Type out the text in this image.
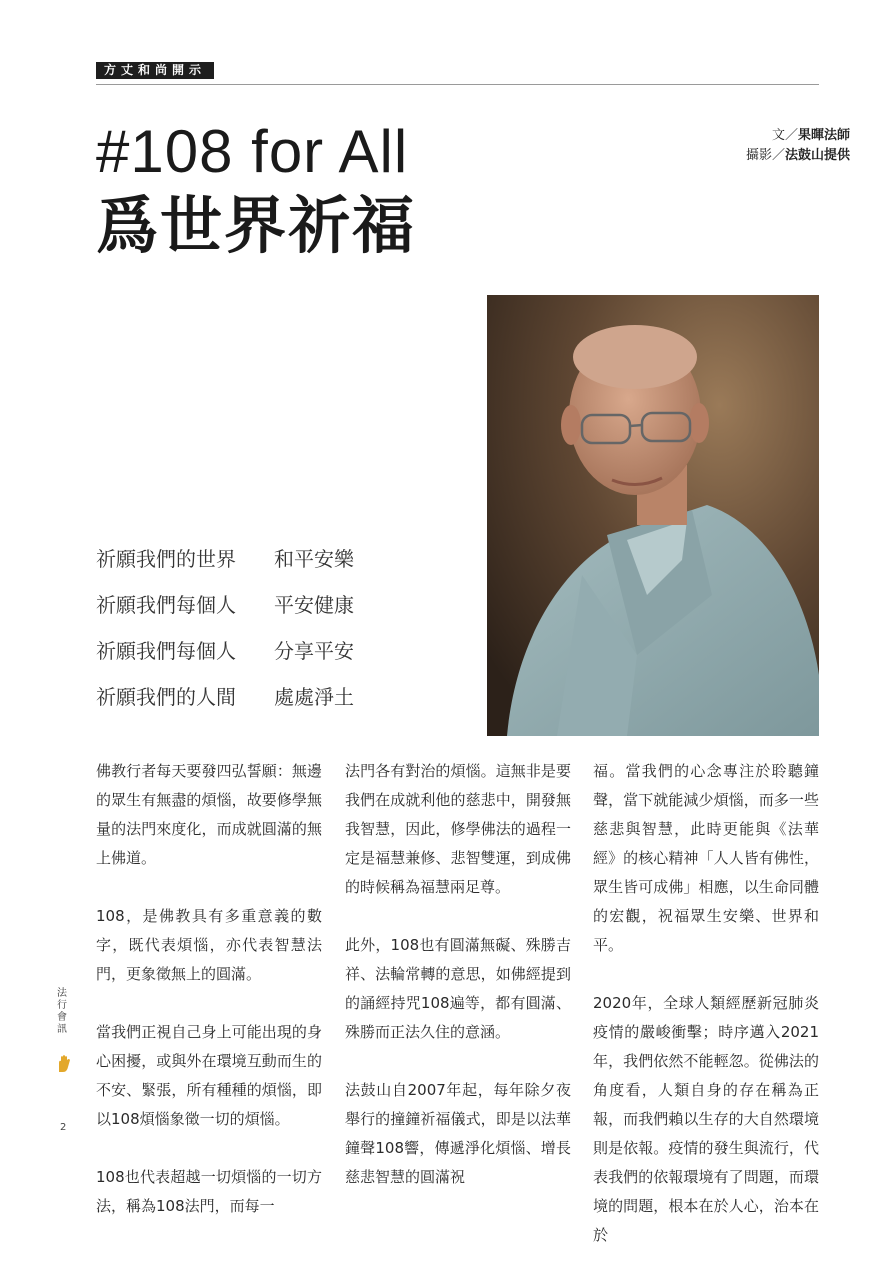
方丈和尚開示
#108 for All
爲世界祈福
文／果暉法師
攝影／法鼓山提供
祈願我們的世界 和平安樂
祈願我們每個人 平安健康
祈願我們每個人 分享平安
祈願我們的人間 處處淨土

佛教行者每天要發四弘誓願：無邊的眾生有無盡的煩惱，故要修學無量的法門來度化，而成就圓滿的無上佛道。

108，是佛教具有多重意義的數字，既代表煩惱，亦代表智慧法門，更象徵無上的圓滿。

當我們正視自己身上可能出現的身心困擾，或與外在環境互動而生的不安、緊張，所有種種的煩惱，即以108煩惱象徵一切的煩惱。

108也代表超越一切煩惱的一切方法，稱為108法門，而每一

法門各有對治的煩惱。這無非是要我們在成就利他的慈悲中，開發無我智慧，因此，修學佛法的過程一定是福慧兼修、悲智雙運，到成佛的時候稱為福慧兩足尊。

此外，108也有圓滿無礙、殊勝吉祥、法輪常轉的意思，如佛經提到的誦經持咒108遍等，都有圓滿、殊勝而正法久住的意涵。

法鼓山自2007年起，每年除夕夜舉行的撞鐘祈福儀式，即是以法華鐘聲108響，傳遞淨化煩惱、增長慈悲智慧的圓滿祝

福。當我們的心念專注於聆聽鐘聲，當下就能減少煩惱，而多一些慈悲與智慧，此時更能與《法華經》的核心精神「人人皆有佛性，眾生皆可成佛」相應，以生命同體的宏觀，祝福眾生安樂、世界和平。

2020年，全球人類經歷新冠肺炎疫情的嚴峻衝擊；時序邁入2021年，我們依然不能輕忽。從佛法的角度看，人類自身的存在稱為正報，而我們賴以生存的大自然環境則是依報。疫情的發生與流行，代表我們的依報環境有了問題，而環境的問題，根本在於人心，治本在於

法行會訊
2
